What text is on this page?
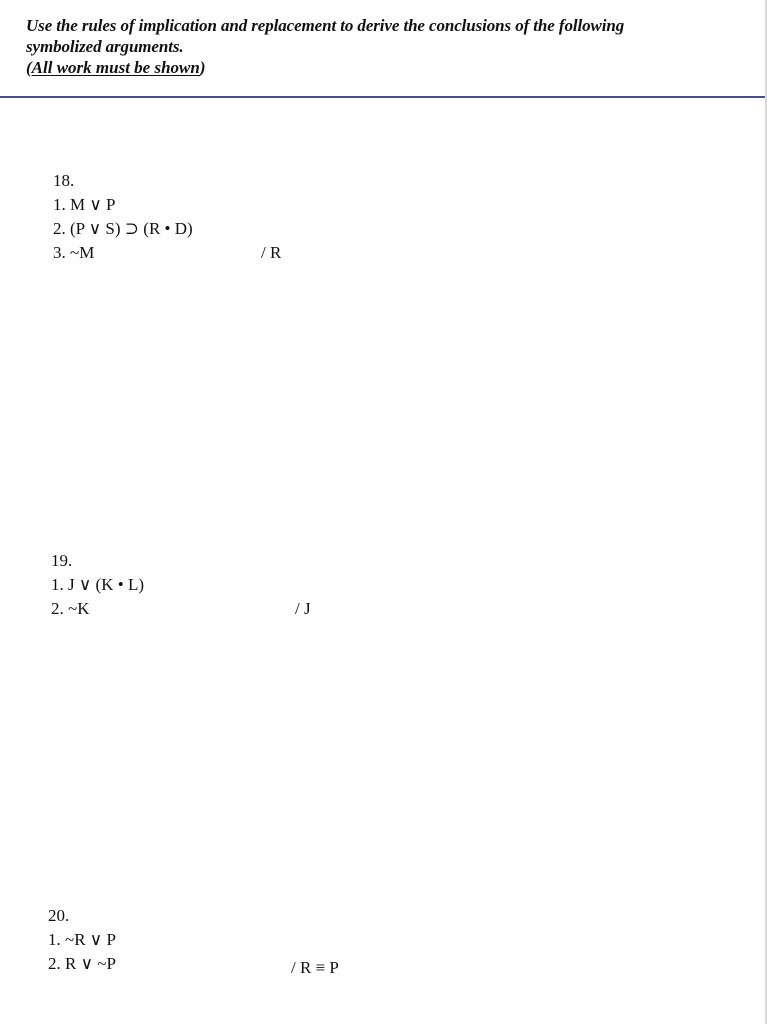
Use the rules of implication and replacement to derive the conclusions of the following
symbolized arguments.
(All work must be shown)
18.
1. M ∨ P
2. (P ∨ S) ⊃ (R • D)
3. ~M	/ R
19.
1. J ∨ (K • L)
2. ~K	/ J
20.
1. ~R ∨ P
2. R ∨ ~P	/ R ≡ P
